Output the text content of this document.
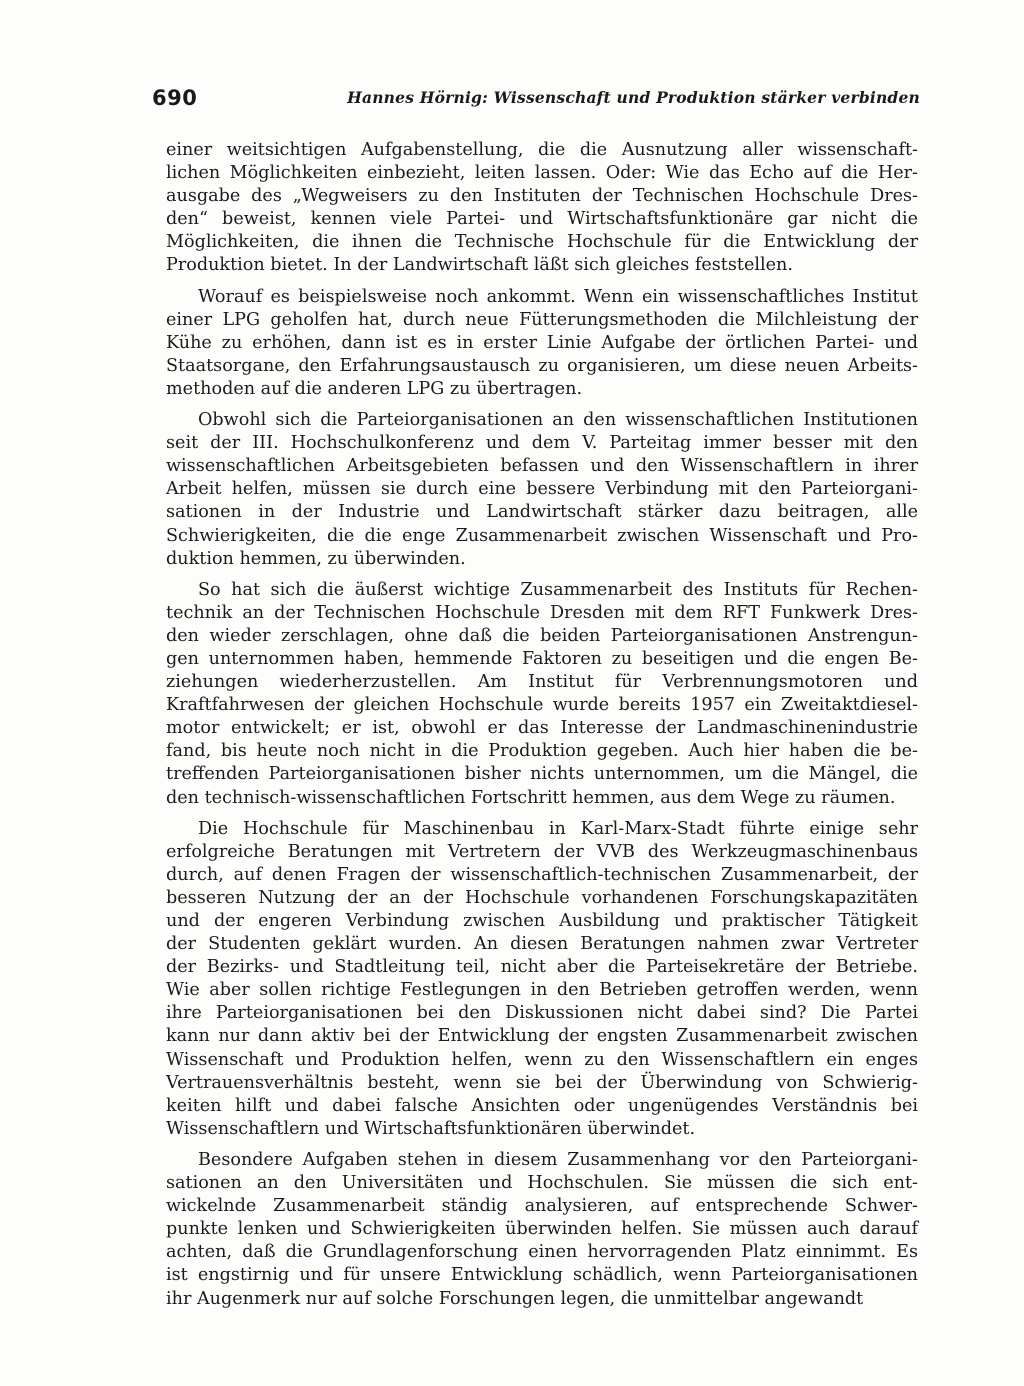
690	Hannes Hörnig: Wissenschaft und Produktion stärker verbinden
einer weitsichtigen Aufgabenstellung, die die Ausnutzung aller wissenschaft-
lichen Möglichkeiten einbezieht, leiten lassen. Oder: Wie das Echo auf die Her-
ausgabe des „Wegweisers zu den Instituten der Technischen Hochschule Dres-
den“ beweist, kennen viele Partei- und Wirtschaftsfunktionäre gar nicht die
Möglichkeiten, die ihnen die Technische Hochschule für die Entwicklung der
Produktion bietet. In der Landwirtschaft läßt sich gleiches feststellen.
Worauf es beispielsweise noch ankommt. Wenn ein wissenschaftliches Institut
einer LPG geholfen hat, durch neue Fütterungsmethoden die Milchleistung der
Kühe zu erhöhen, dann ist es in erster Linie Aufgabe der örtlichen Partei- und
Staatsorgane, den Erfahrungsaustausch zu organisieren, um diese neuen Arbeits-
methoden auf die anderen LPG zu übertragen.
Obwohl sich die Parteiorganisationen an den wissenschaftlichen Institutionen
seit der III. Hochschulkonferenz und dem V. Parteitag immer besser mit den
wissenschaftlichen Arbeitsgebieten befassen und den Wissenschaftlern in ihrer
Arbeit helfen, müssen sie durch eine bessere Verbindung mit den Parteiorgani-
sationen in der Industrie und Landwirtschaft stärker dazu beitragen, alle
Schwierigkeiten, die die enge Zusammenarbeit zwischen Wissenschaft und Pro-
duktion hemmen, zu überwinden.
So hat sich die äußerst wichtige Zusammenarbeit des Instituts für Rechen-
technik an der Technischen Hochschule Dresden mit dem RFT Funkwerk Dres-
den wieder zerschlagen, ohne daß die beiden Parteiorganisationen Anstrengun-
gen unternommen haben, hemmende Faktoren zu beseitigen und die engen Be-
ziehungen wiederherzustellen. Am Institut für Verbrennungsmotoren und
Kraftfahrwesen der gleichen Hochschule wurde bereits 1957 ein Zweitaktdiesel-
motor entwickelt; er ist, obwohl er das Interesse der Landmaschinenindustrie
fand, bis heute noch nicht in die Produktion gegeben. Auch hier haben die be-
treffenden Parteiorganisationen bisher nichts unternommen, um die Mängel, die
den technisch-wissenschaftlichen Fortschritt hemmen, aus dem Wege zu räumen.
Die Hochschule für Maschinenbau in Karl-Marx-Stadt führte einige sehr
erfolgreiche Beratungen mit Vertretern der VVB des Werkzeugmaschinenbaus
durch, auf denen Fragen der wissenschaftlich-technischen Zusammenarbeit, der
besseren Nutzung der an der Hochschule vorhandenen Forschungskapazitäten
und der engeren Verbindung zwischen Ausbildung und praktischer Tätigkeit
der Studenten geklärt wurden. An diesen Beratungen nahmen zwar Vertreter
der Bezirks- und Stadtleitung teil, nicht aber die Parteisekretäre der Betriebe.
Wie aber sollen richtige Festlegungen in den Betrieben getroffen werden, wenn
ihre Parteiorganisationen bei den Diskussionen nicht dabei sind? Die Partei
kann nur dann aktiv bei der Entwicklung der engsten Zusammenarbeit zwischen
Wissenschaft und Produktion helfen, wenn zu den Wissenschaftlern ein enges
Vertrauensverhältnis besteht, wenn sie bei der Überwindung von Schwierig-
keiten hilft und dabei falsche Ansichten oder ungenügendes Verständnis bei
Wissenschaftlern und Wirtschaftsfunktionären überwindet.
Besondere Aufgaben stehen in diesem Zusammenhang vor den Parteiorgani-
sationen an den Universitäten und Hochschulen. Sie müssen die sich ent-
wickelnde Zusammenarbeit ständig analysieren, auf entsprechende Schwer-
punkte lenken und Schwierigkeiten überwinden helfen. Sie müssen auch darauf
achten, daß die Grundlagenforschung einen hervorragenden Platz einnimmt. Es
ist engstirnig und für unsere Entwicklung schädlich, wenn Parteiorganisationen
ihr Augenmerk nur auf solche Forschungen legen, die unmittelbar angewandt
